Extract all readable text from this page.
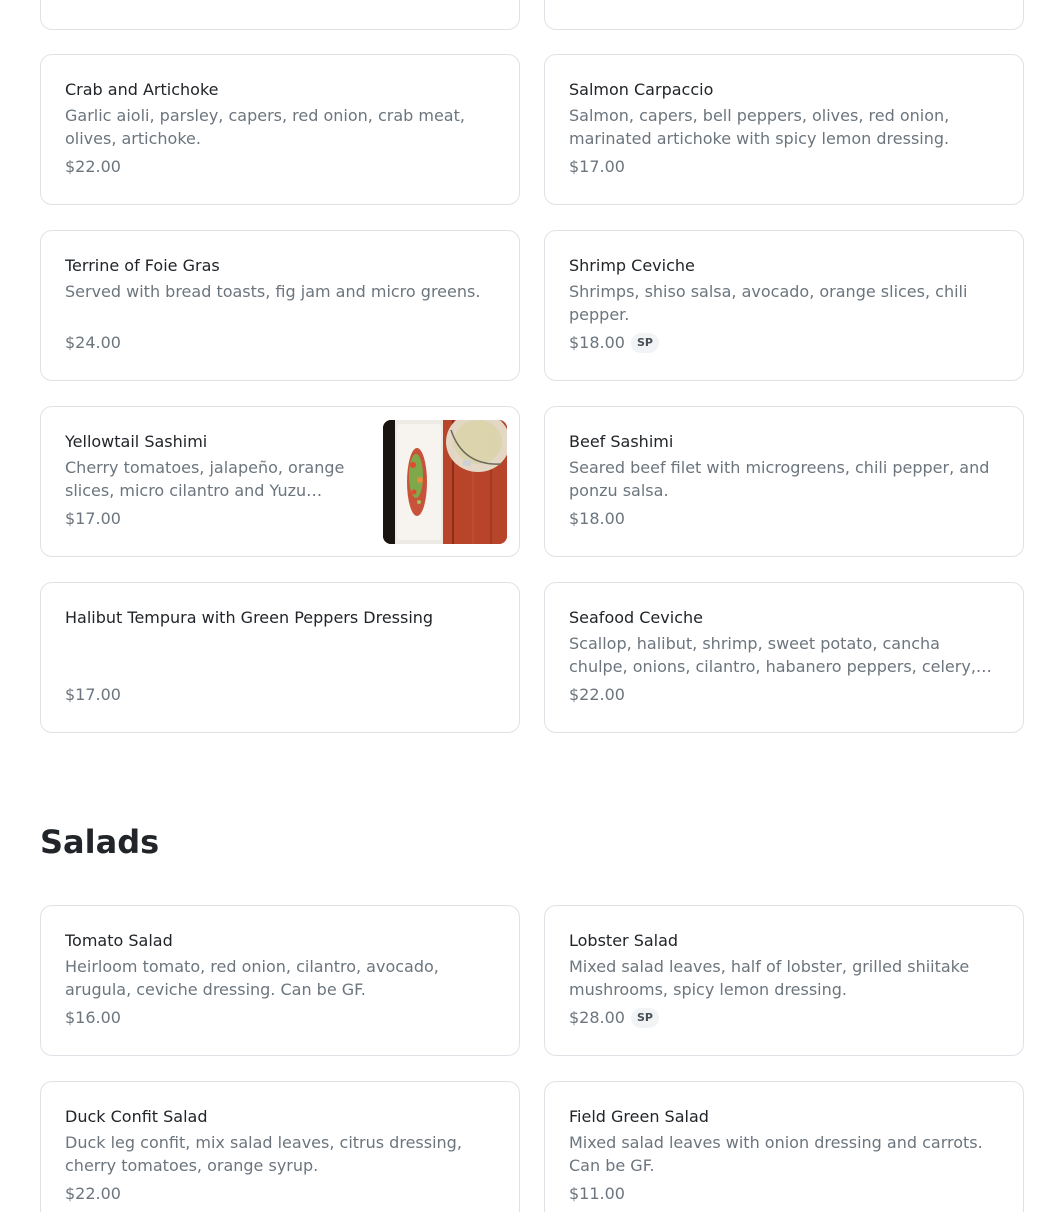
Crab and Artichoke
Garlic aioli, parsley, capers, red onion, crab meat, olives, artichoke.
$22.00
Salmon Carpaccio
Salmon, capers, bell peppers, olives, red onion, marinated artichoke with spicy lemon dressing.
$17.00
Terrine of Foie Gras
Served with bread toasts, fig jam and micro greens.
$24.00
Shrimp Ceviche
Shrimps, shiso salsa, avocado, orange slices, chili pepper.
$18.00	SP
Yellowtail Sashimi
Cherry tomatoes, jalapeño, orange slices, micro cilantro and Yuzu…
$17.00
Beef Sashimi
Seared beef filet with microgreens, chili pepper, and ponzu salsa.
$18.00
Halibut Tempura with Green Peppers Dressing
$17.00
Seafood Ceviche
Scallop, halibut, shrimp, sweet potato, cancha chulpe, onions, cilantro, habanero peppers, celery,…
$22.00
Salads
Tomato Salad
Heirloom tomato, red onion, cilantro, avocado, arugula, ceviche dressing. Can be GF.
$16.00
Lobster Salad
Mixed salad leaves, half of lobster, grilled shiitake mushrooms, spicy lemon dressing.
$28.00	SP
Duck Confit Salad
Duck leg confit, mix salad leaves, citrus dressing, cherry tomatoes, orange syrup.
$22.00
Field Green Salad
Mixed salad leaves with onion dressing and carrots. Can be GF.
$11.00
